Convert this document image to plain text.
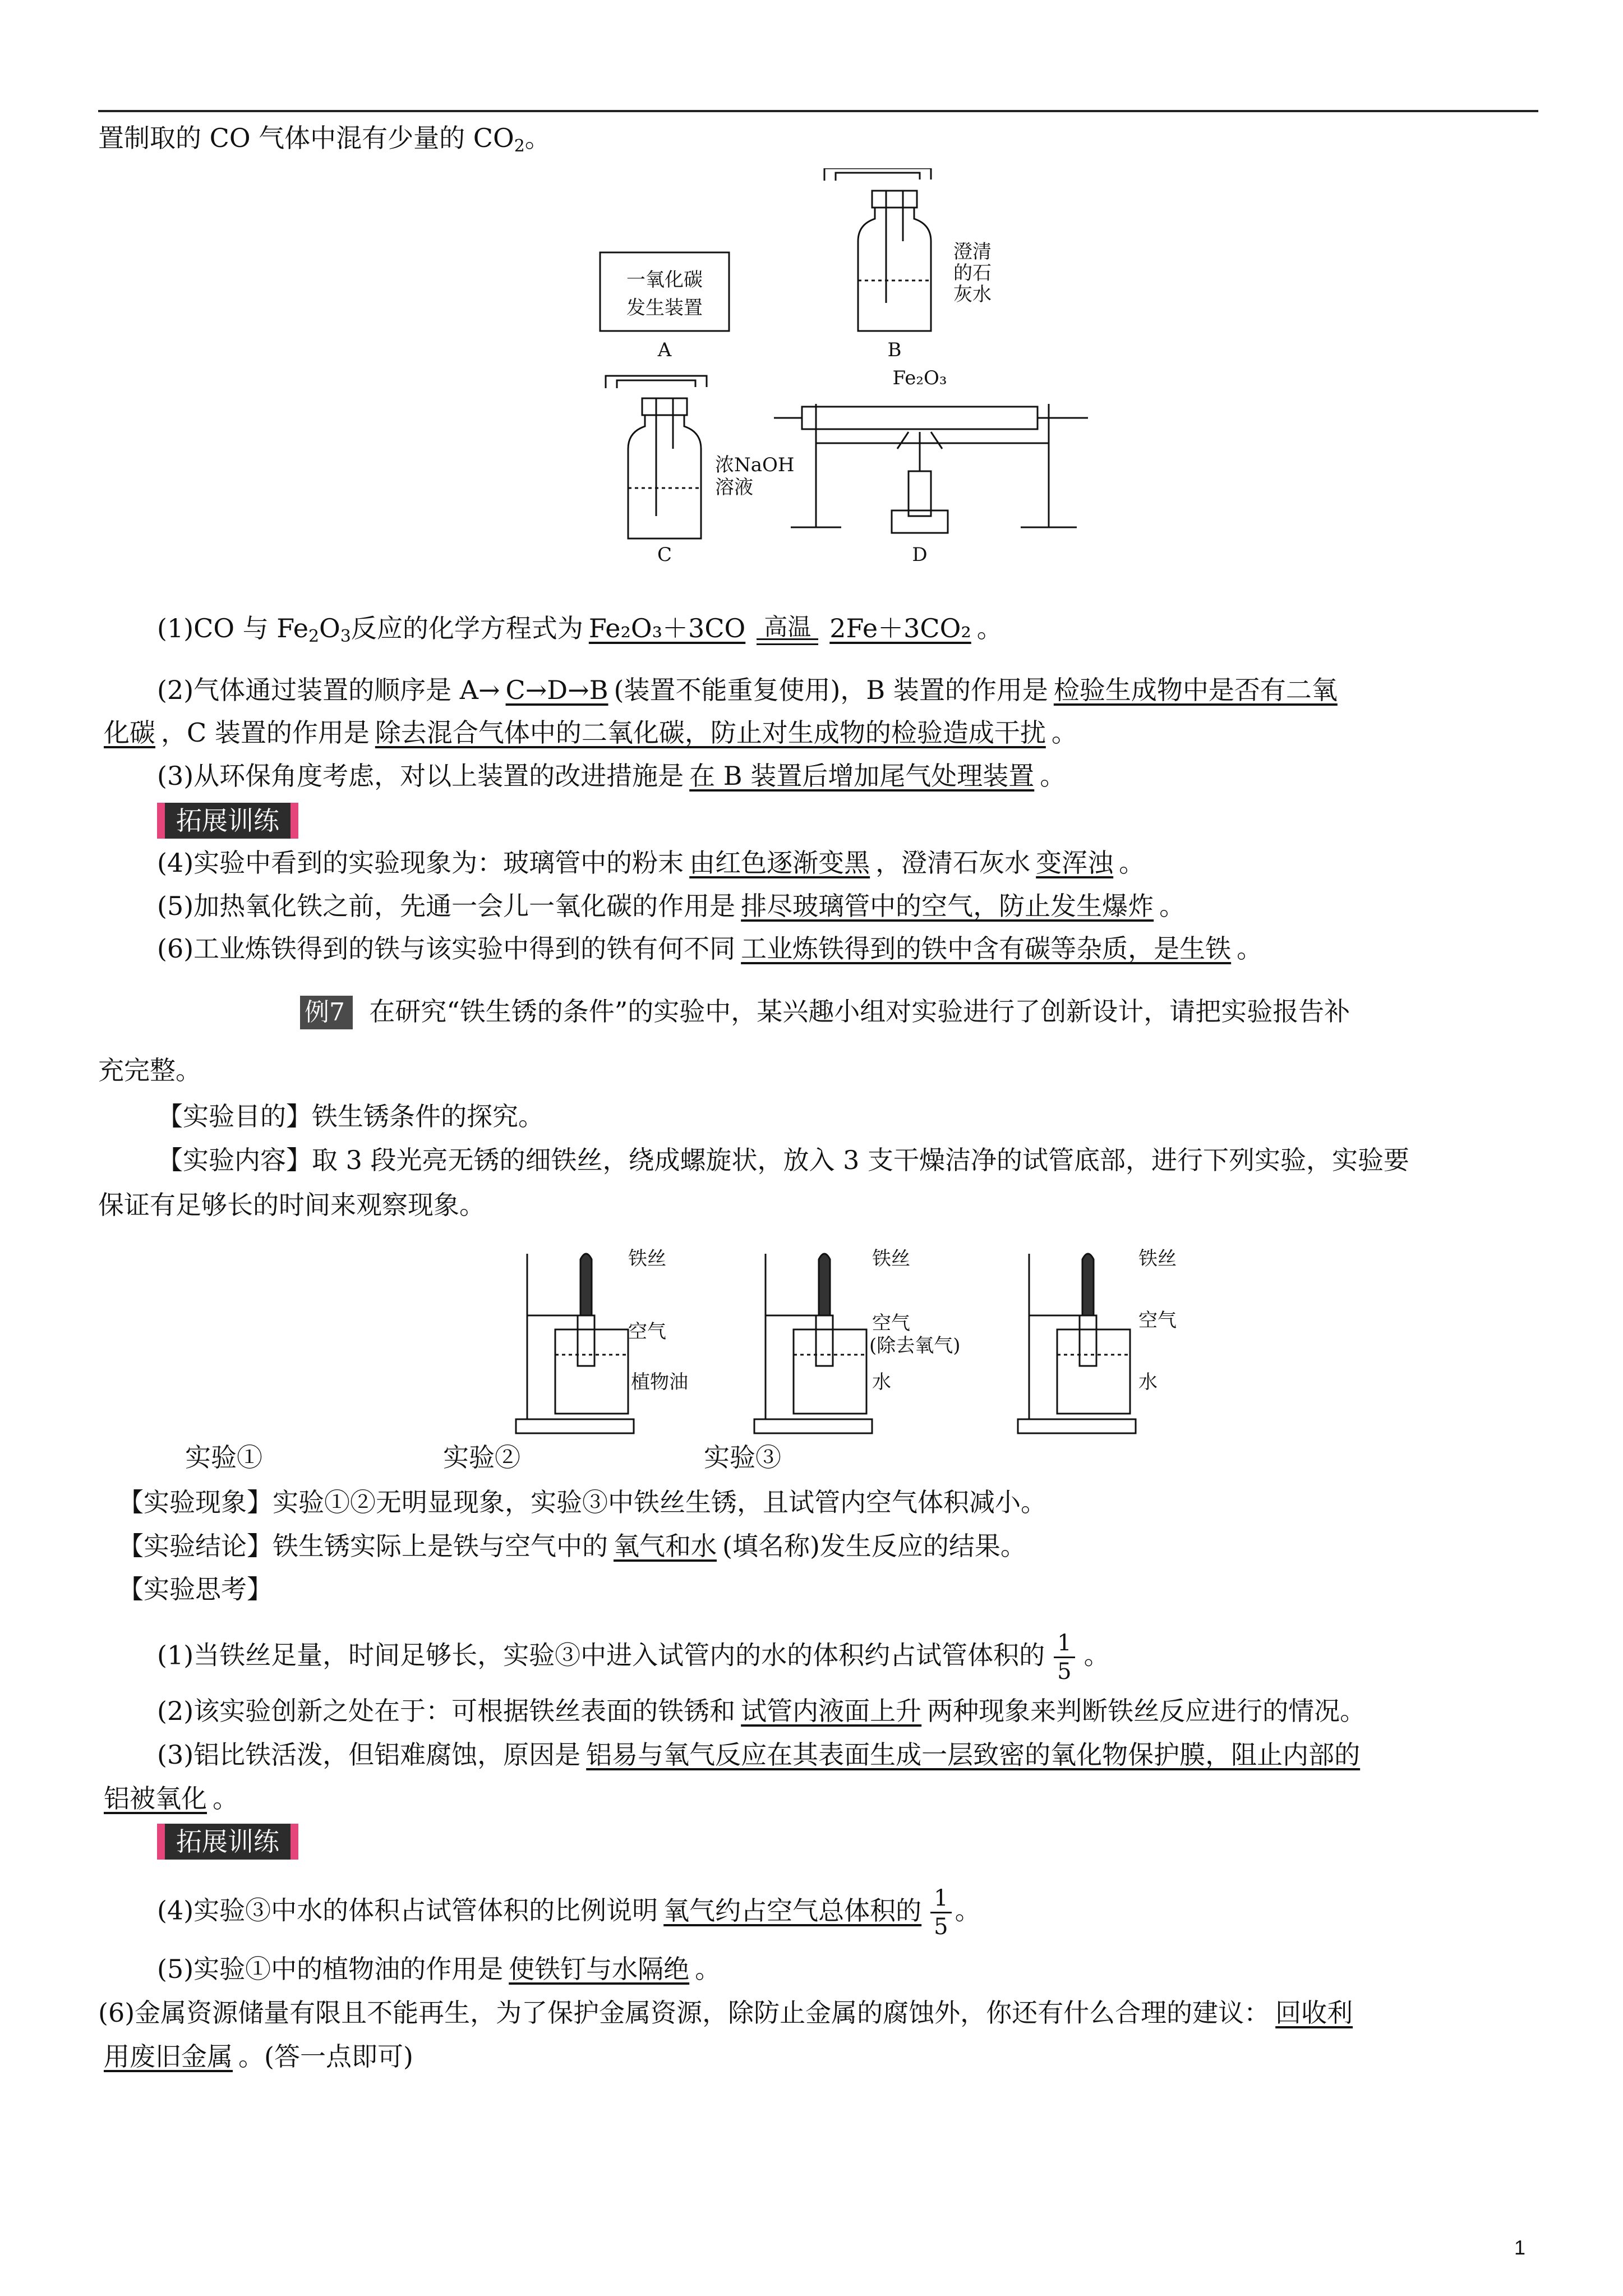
置制取的 CO 气体中混有少量的 $CO_2$。
一氧化碳
发生装置
A
澄清
的石
灰水
B
浓NaOH
溶液
C
Fe₂O₃
D
(1)CO 与 $Fe_2O_3$反应的化学方程式为 Fe₂O₃＋3CO 高温 2Fe＋3CO₂ 。
(2)气体通过装置的顺序是 A→ C→D→B (装置不能重复使用)，B 装置的作用是 检验生成物中是否有二氧
化碳 ，C 装置的作用是 除去混合气体中的二氧化碳，防止对生成物的检验造成干扰 。
(3)从环保角度考虑，对以上装置的改进措施是 在 B 装置后增加尾气处理装置 。
拓展训练
(4)实验中看到的实验现象为：玻璃管中的粉末 由红色逐渐变黑 ，澄清石灰水 变浑浊 。
(5)加热氧化铁之前，先通一会儿一氧化碳的作用是 排尽玻璃管中的空气，防止发生爆炸 。
(6)工业炼铁得到的铁与该实验中得到的铁有何不同 工业炼铁得到的铁中含有碳等杂质，是生铁 。
例7 在研究“铁生锈的条件”的实验中，某兴趣小组对实验进行了创新设计，请把实验报告补
充完整。
【实验目的】铁生锈条件的探究。
【实验内容】取 3 段光亮无锈的细铁丝，绕成螺旋状，放入 3 支干燥洁净的试管底部，进行下列实验，实验要
保证有足够长的时间来观察现象。
铁丝
空气
植物油
铁丝
空气
(除去氧气)
水
铁丝
空气
水
实验①	实验②	实验③
【实验现象】实验①②无明显现象，实验③中铁丝生锈，且试管内空气体积减小。
【实验结论】铁生锈实际上是铁与空气中的 氧气和水 (填名称)发生反应的结果。
【实验思考】
(1)当铁丝足量，时间足够长，实验③中进入试管内的水的体积约占试管体积的 $\frac{1}{5}$ 。
(2)该实验创新之处在于：可根据铁丝表面的铁锈和 试管内液面上升 两种现象来判断铁丝反应进行的情况。
(3)铝比铁活泼，但铝难腐蚀，原因是 铝易与氧气反应在其表面生成一层致密的氧化物保护膜，阻止内部的
铝被氧化 。
拓展训练
(4)实验③中水的体积占试管体积的比例说明 氧气约占空气总体积的 $\frac{1}{5}$ 。
(5)实验①中的植物油的作用是 使铁钉与水隔绝 。
(6)金属资源储量有限且不能再生，为了保护金属资源，除防止金属的腐蚀外，你还有什么合理的建议： 回收利
用废旧金属 。(答一点即可)
1
